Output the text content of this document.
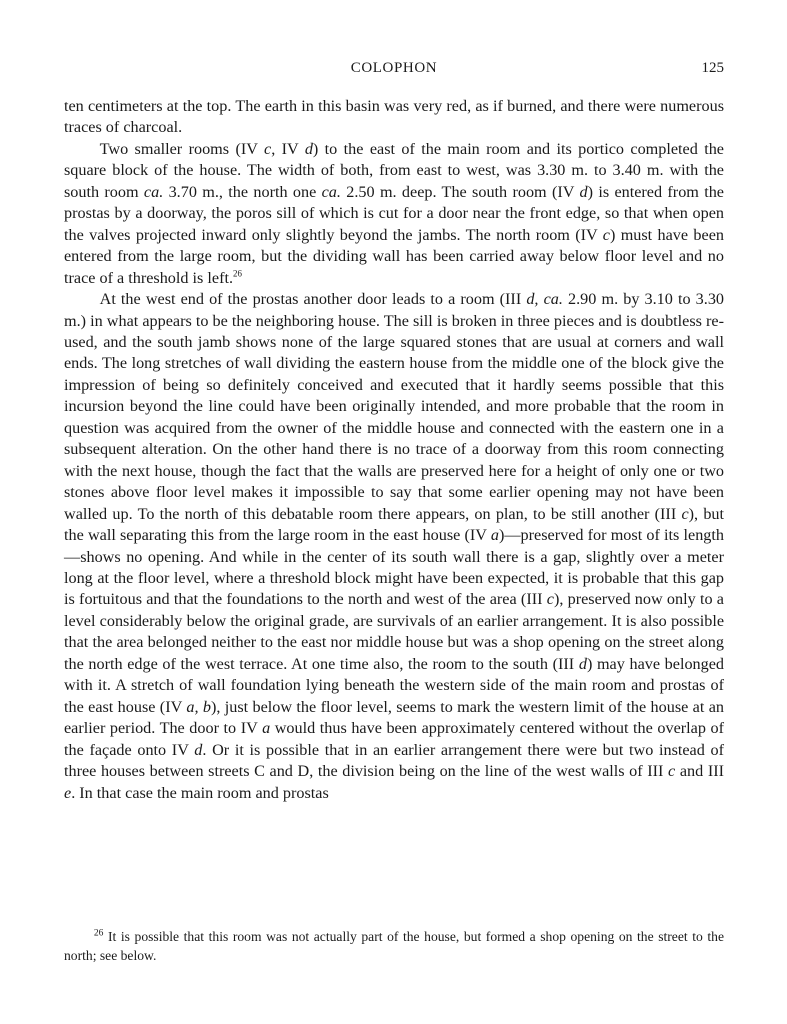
COLOPHON	125

ten centimeters at the top. The earth in this basin was very red, as if burned, and there were numerous traces of charcoal.

Two smaller rooms (IV c, IV d) to the east of the main room and its portico completed the square block of the house. The width of both, from east to west, was 3.30 m. to 3.40 m. with the south room ca. 3.70 m., the north one ca. 2.50 m. deep. The south room (IV d) is entered from the prostas by a doorway, the poros sill of which is cut for a door near the front edge, so that when open the valves projected inward only slightly beyond the jambs. The north room (IV c) must have been entered from the large room, but the dividing wall has been carried away below floor level and no trace of a threshold is left.$^{26}$

At the west end of the prostas another door leads to a room (III d, ca. 2.90 m. by 3.10 to 3.30 m.) in what appears to be the neighboring house. The sill is broken in three pieces and is doubtless re-used, and the south jamb shows none of the large squared stones that are usual at corners and wall ends. The long stretches of wall dividing the eastern house from the middle one of the block give the impression of being so definitely conceived and executed that it hardly seems possible that this incursion beyond the line could have been originally intended, and more probable that the room in question was acquired from the owner of the middle house and connected with the eastern one in a subsequent alteration. On the other hand there is no trace of a doorway from this room connecting with the next house, though the fact that the walls are preserved here for a height of only one or two stones above floor level makes it impossible to say that some earlier opening may not have been walled up. To the north of this debatable room there appears, on plan, to be still another (III c), but the wall separating this from the large room in the east house (IV a)—preserved for most of its length—shows no opening. And while in the center of its south wall there is a gap, slightly over a meter long at the floor level, where a threshold block might have been expected, it is probable that this gap is fortuitous and that the foundations to the north and west of the area (III c), preserved now only to a level considerably below the original grade, are survivals of an earlier arrangement. It is also possible that the area belonged neither to the east nor middle house but was a shop opening on the street along the north edge of the west terrace. At one time also, the room to the south (III d) may have belonged with it. A stretch of wall foundation lying beneath the western side of the main room and prostas of the east house (IV a, b), just below the floor level, seems to mark the western limit of the house at an earlier period. The door to IV a would thus have been approximately centered without the overlap of the façade onto IV d. Or it is possible that in an earlier arrangement there were but two instead of three houses between streets C and D, the division being on the line of the west walls of III c and III e. In that case the main room and prostas

$^{26}$ It is possible that this room was not actually part of the house, but formed a shop opening on the street to the north; see below.
